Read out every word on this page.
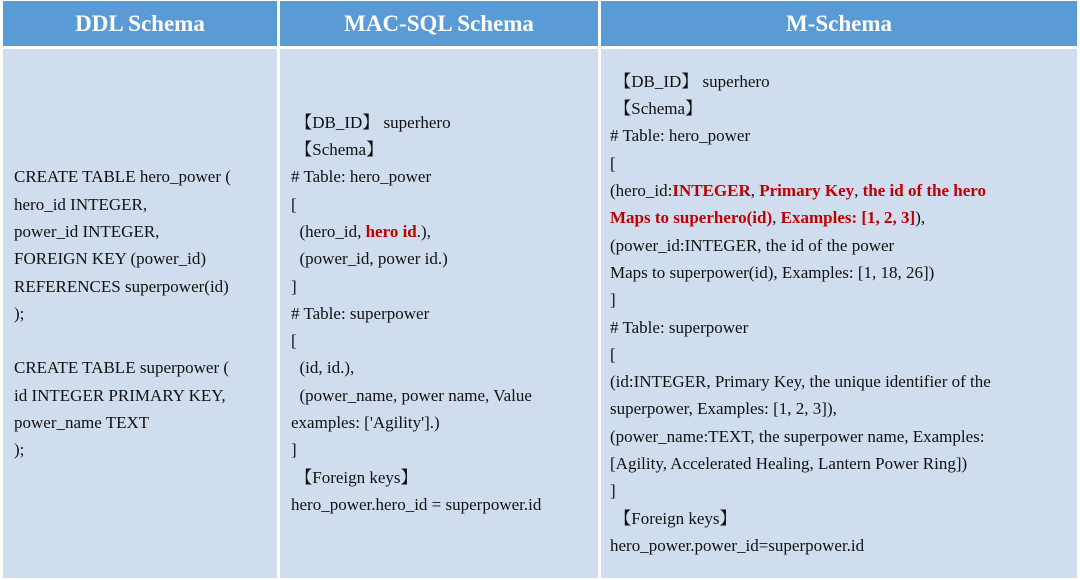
DDL Schema	MAC-SQL Schema	M-Schema
CREATE TABLE hero_power (
hero_id INTEGER,
power_id INTEGER,
FOREIGN KEY (power_id)
REFERENCES superpower(id)
);
CREATE TABLE superpower (
id INTEGER PRIMARY KEY,
power_name TEXT
);
【DB_ID】 superhero
【Schema】
# Table: hero_power
[
(hero_id, hero id.),
(power_id, power id.)
]
# Table: superpower
[
(id, id.),
(power_name, power name, Value
examples: ['Agility'].)
]
【Foreign keys】
hero_power.hero_id = superpower.id
【DB_ID】 superhero
【Schema】
# Table: hero_power
[
(hero_id:INTEGER, Primary Key, the id of the hero
Maps to superhero(id), Examples: [1, 2, 3]),
(power_id:INTEGER, the id of the power
Maps to superpower(id), Examples: [1, 18, 26])
]
# Table: superpower
[
(id:INTEGER, Primary Key, the unique identifier of the
superpower, Examples: [1, 2, 3]),
(power_name:TEXT, the superpower name, Examples:
[Agility, Accelerated Healing, Lantern Power Ring])
]
【Foreign keys】
hero_power.power_id=superpower.id
